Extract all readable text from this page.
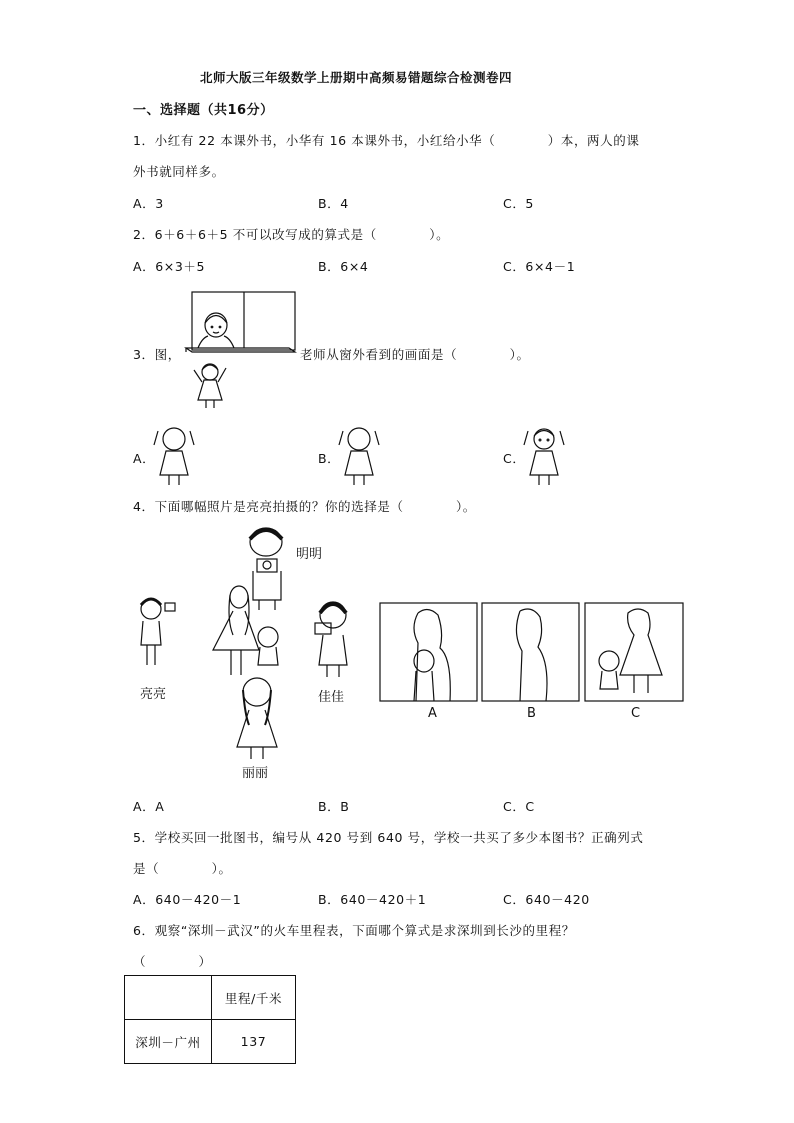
北师大版三年级数学上册期中高频易错题综合检测卷四
一、选择题（共16分）
1．小红有 22 本课外书，小华有 16 本课外书，小红给小华（　　　　）本，两人的课
外书就同样多。
A．3	B．4	C．5
2．6＋6＋6＋5 不可以改写成的算式是（　　　　）。
A．6×3＋5	B．6×4	C．6×4－1
3．图，	老师从窗外看到的画面是（　　　　）。
A．	B．	C．
4．下面哪幅照片是亮亮拍摄的？你的选择是（　　　　）。
明明
亮亮	佳佳
丽丽
A	B	C
A．A	B．B	C．C
5．学校买回一批图书，编号从 420 号到 640 号，学校一共买了多少本图书？正确列式
是（　　　　）。
A．640－420－1	B．640－420＋1	C．640－420
6．观察“深圳－武汉”的火车里程表，下面哪个算式是求深圳到长沙的里程？
（　　　　）
	里程/千米
深圳－广州	137
